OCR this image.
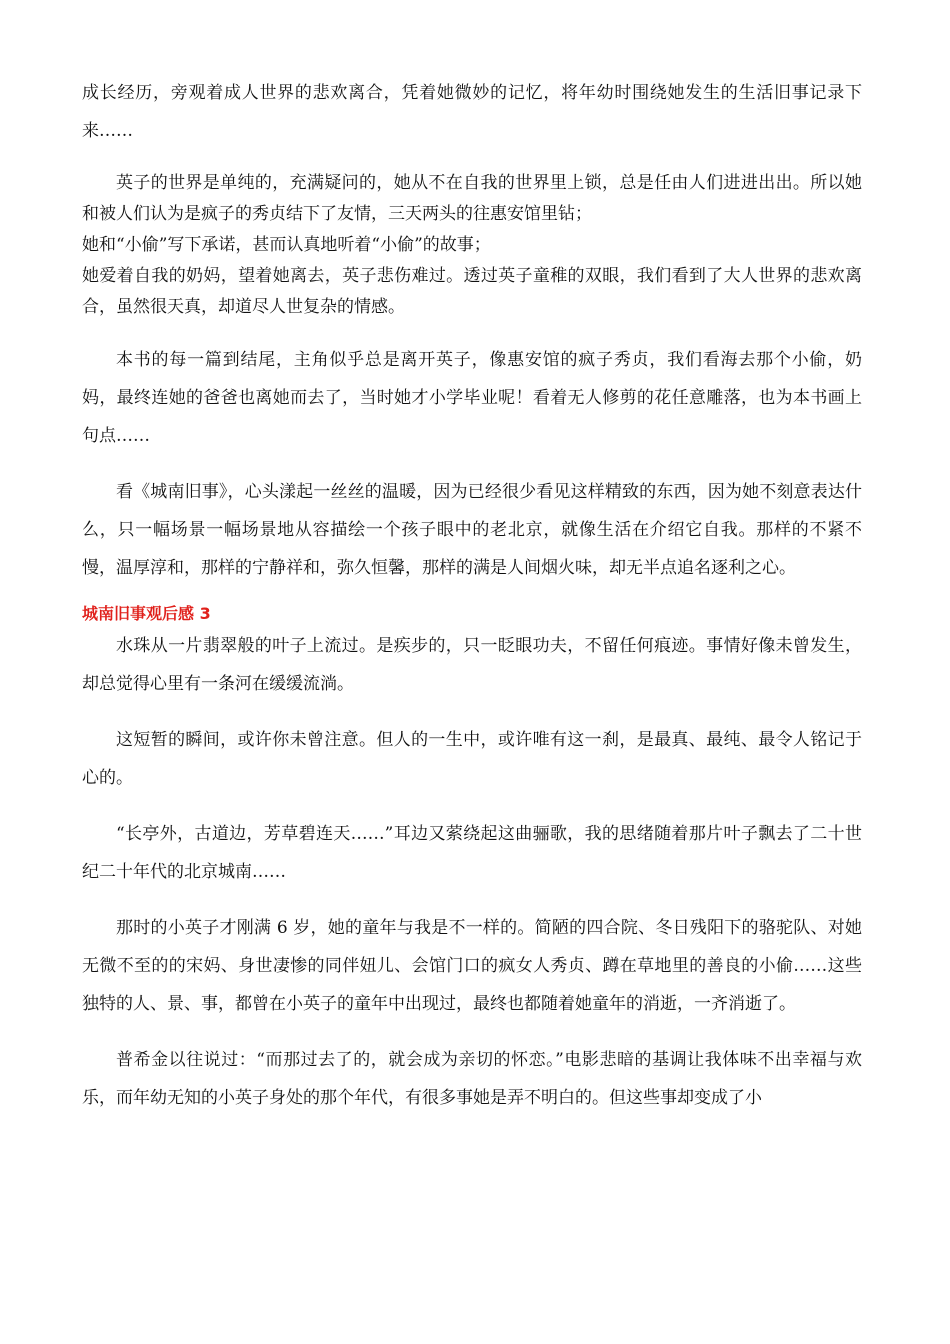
成长经历，旁观着成人世界的悲欢离合，凭着她微妙的记忆，将年幼时围绕她发生的生活旧事记录下来……

英子的世界是单纯的，充满疑问的，她从不在自我的世界里上锁，总是任由人们进进出出。所以她和被人们认为是疯子的秀贞结下了友情，三天两头的往惠安馆里钻；

她和“小偷”写下承诺，甚而认真地听着“小偷”的故事；

她爱着自我的奶妈，望着她离去，英子悲伤难过。透过英子童稚的双眼，我们看到了大人世界的悲欢离合，虽然很天真，却道尽人世复杂的情感。

本书的每一篇到结尾，主角似乎总是离开英子，像惠安馆的疯子秀贞，我们看海去那个小偷，奶妈，最终连她的爸爸也离她而去了，当时她才小学毕业呢！看着无人修剪的花任意雕落，也为本书画上句点……

看《城南旧事》，心头漾起一丝丝的温暖，因为已经很少看见这样精致的东西，因为她不刻意表达什么，只一幅场景一幅场景地从容描绘一个孩子眼中的老北京，就像生活在介绍它自我。那样的不紧不慢，温厚淳和，那样的宁静祥和，弥久恒馨，那样的满是人间烟火味，却无半点追名逐利之心。

城南旧事观后感 3

水珠从一片翡翠般的叶子上流过。是疾步的，只一眨眼功夫，不留任何痕迹。事情好像未曾发生，却总觉得心里有一条河在缓缓流淌。

这短暂的瞬间，或许你未曾注意。但人的一生中，或许唯有这一刹，是最真、最纯、最令人铭记于心的。

“长亭外，古道边，芳草碧连天……”耳边又萦绕起这曲骊歌，我的思绪随着那片叶子飘去了二十世纪二十年代的北京城南……

那时的小英子才刚满 6 岁，她的童年与我是不一样的。简陋的四合院、冬日残阳下的骆驼队、对她无微不至的的宋妈、身世凄惨的同伴妞儿、会馆门口的疯女人秀贞、蹲在草地里的善良的小偷……这些独特的人、景、事，都曾在小英子的童年中出现过，最终也都随着她童年的消逝，一齐消逝了。

普希金以往说过：“而那过去了的，就会成为亲切的怀恋。”电影悲暗的基调让我体味不出幸福与欢乐，而年幼无知的小英子身处的那个年代，有很多事她是弄不明白的。但这些事却变成了小
